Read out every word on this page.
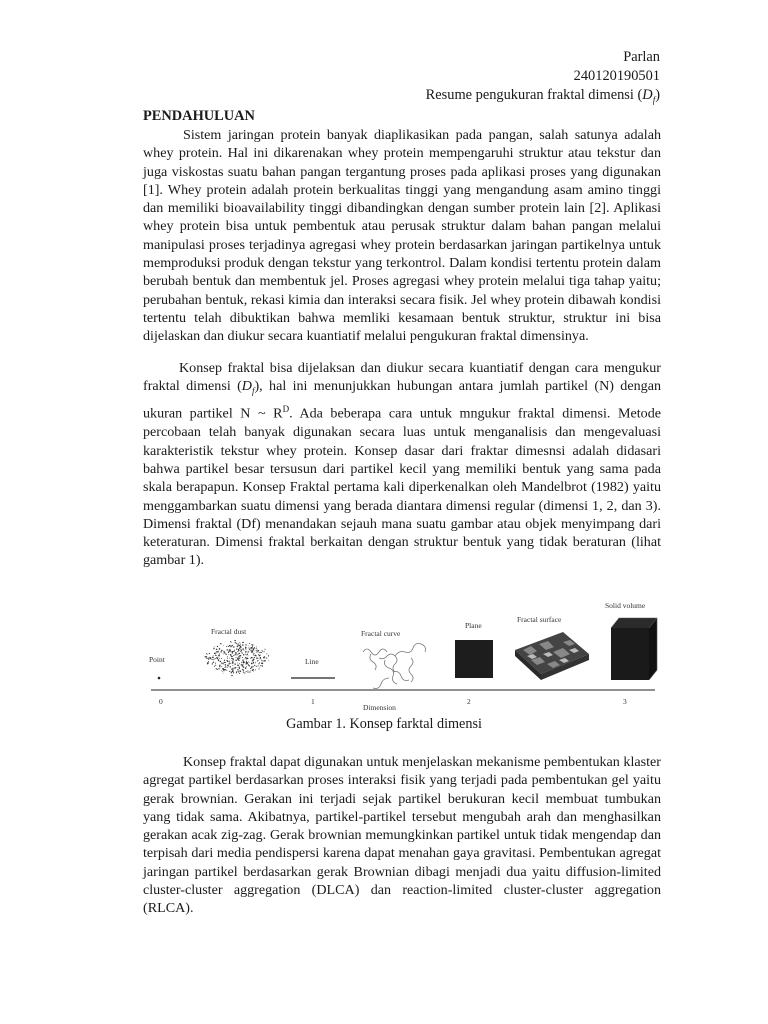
Parlan
240120190501
Resume pengukuran fraktal dimensi $(D_f)$
PENDAHULUAN

Sistem jaringan protein banyak diaplikasikan pada pangan, salah satunya adalah whey protein. Hal ini dikarenakan whey protein mempengaruhi struktur atau tekstur dan juga viskostas suatu bahan pangan tergantung proses pada aplikasi proses yang digunakan [1]. Whey protein adalah protein berkualitas tinggi yang mengandung asam amino tinggi dan memiliki bioavailability tinggi dibandingkan dengan sumber protein lain [2]. Aplikasi whey protein bisa untuk pembentuk atau perusak struktur dalam bahan pangan melalui manipulasi proses terjadinya agregasi whey protein berdasarkan jaringan partikelnya untuk memproduksi produk dengan tekstur yang terkontrol. Dalam kondisi tertentu protein dalam berubah bentuk dan membentuk jel. Proses agregasi whey protein melalui tiga tahap yaitu; perubahan bentuk, rekasi kimia dan interaksi secara fisik. Jel whey protein dibawah kondisi tertentu telah dibuktikan bahwa memliki kesamaan bentuk struktur, struktur ini bisa dijelaskan dan diukur secara kuantiatif melalui pengukuran fraktal dimensinya.

Konsep fraktal bisa dijelaksan dan diukur secara kuantiatif dengan cara mengukur fraktal dimensi $(D_f)$, hal ini menunjukkan hubungan antara jumlah partikel (N) dengan ukuran partikel N ~ $R^D$. Ada beberapa cara untuk mngukur fraktal dimensi. Metode percobaan telah banyak digunakan secara luas untuk menganalisis dan mengevaluasi karakteristik tekstur whey protein. Konsep dasar dari fraktar dimesnsi adalah didasari bahwa partikel besar tersusun dari partikel kecil yang memiliki bentuk yang sama pada skala berapapun. Konsep Fraktal pertama kali diperkenalkan oleh Mandelbrot (1982) yaitu menggambarkan suatu dimensi yang berada diantara dimensi regular (dimensi 1, 2, dan 3). Dimensi fraktal (Df) menandakan sejauh mana suatu gambar atau objek menyimpang dari keteraturan. Dimensi fraktal berkaitan dengan struktur bentuk yang tidak beraturan (lihat gambar 1).

0	1	2	3
Dimension
Point
Fractal dust
Line
Fractal curve
Plane
Fractal surface
Solid volume
Gambar 1. Konsep farktal dimensi

Konsep fraktal dapat digunakan untuk menjelaskan mekanisme pembentukan klaster agregat partikel berdasarkan proses interaksi fisik yang terjadi pada pembentukan gel yaitu gerak brownian. Gerakan ini terjadi sejak partikel berukuran kecil membuat tumbukan yang tidak sama. Akibatnya, partikel-partikel tersebut mengubah arah dan menghasilkan gerakan acak zig-zag. Gerak brownian memungkinkan partikel untuk tidak mengendap dan terpisah dari media pendispersi karena dapat menahan gaya gravitasi. Pembentukan agregat jaringan partikel berdasarkan gerak Brownian dibagi menjadi dua yaitu diffusion-limited cluster-cluster aggregation (DLCA) dan reaction-limited cluster-cluster aggregation (RLCA).
